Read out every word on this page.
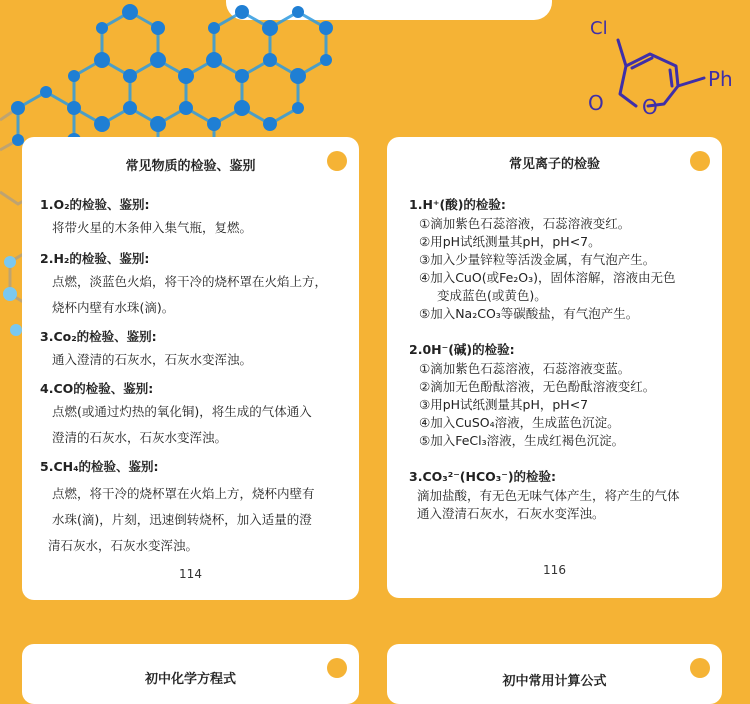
Cl
O O
Ph
常见物质的检验、鉴别
1.O₂的检验、鉴别:
将带火星的木条伸入集气瓶，复燃。
2.H₂的检验、鉴别:
点燃，淡蓝色火焰，将干冷的烧杯罩在火焰上方，
烧杯内壁有水珠(滴)。
3.Co₂的检验、鉴别:
通入澄清的石灰水，石灰水变浑浊。
4.CO的检验、鉴别:
点燃(或通过灼热的氧化铜)，将生成的气体通入
澄清的石灰水，石灰水变浑浊。
5.CH₄的检验、鉴别:
点燃，将干冷的烧杯罩在火焰上方，烧杯内壁有
水珠(滴)，片刻，迅速倒转烧杯，加入适量的澄
清石灰水，石灰水变浑浊。
114
常见离子的检验
1.H⁺(酸)的检验:
①滴加紫色石蕊溶液，石蕊溶液变红。
②用pH试纸测量其pH，pH<7。
③加入少量锌粒等活泼金属，有气泡产生。
④加入CuO(或Fe₂O₃)，固体溶解，溶液由无色
变成蓝色(或黄色)。
⑤加入Na₂CO₃等碳酸盐，有气泡产生。
2.0H⁻(碱)的检验:
①滴加紫色石蕊溶液，石蕊溶液变蓝。
②滴加无色酚酞溶液，无色酚酞溶液变红。
③用pH试纸测量其pH，pH<7
④加入CuSO₄溶液，生成蓝色沉淀。
⑤加入FeCl₃溶液，生成红褐色沉淀。
3.CO₃²⁻(HCO₃⁻)的检验:
滴加盐酸，有无色无味气体产生，将产生的气体
通入澄清石灰水，石灰水变浑浊。
116
初中化学方程式	初中常用计算公式
